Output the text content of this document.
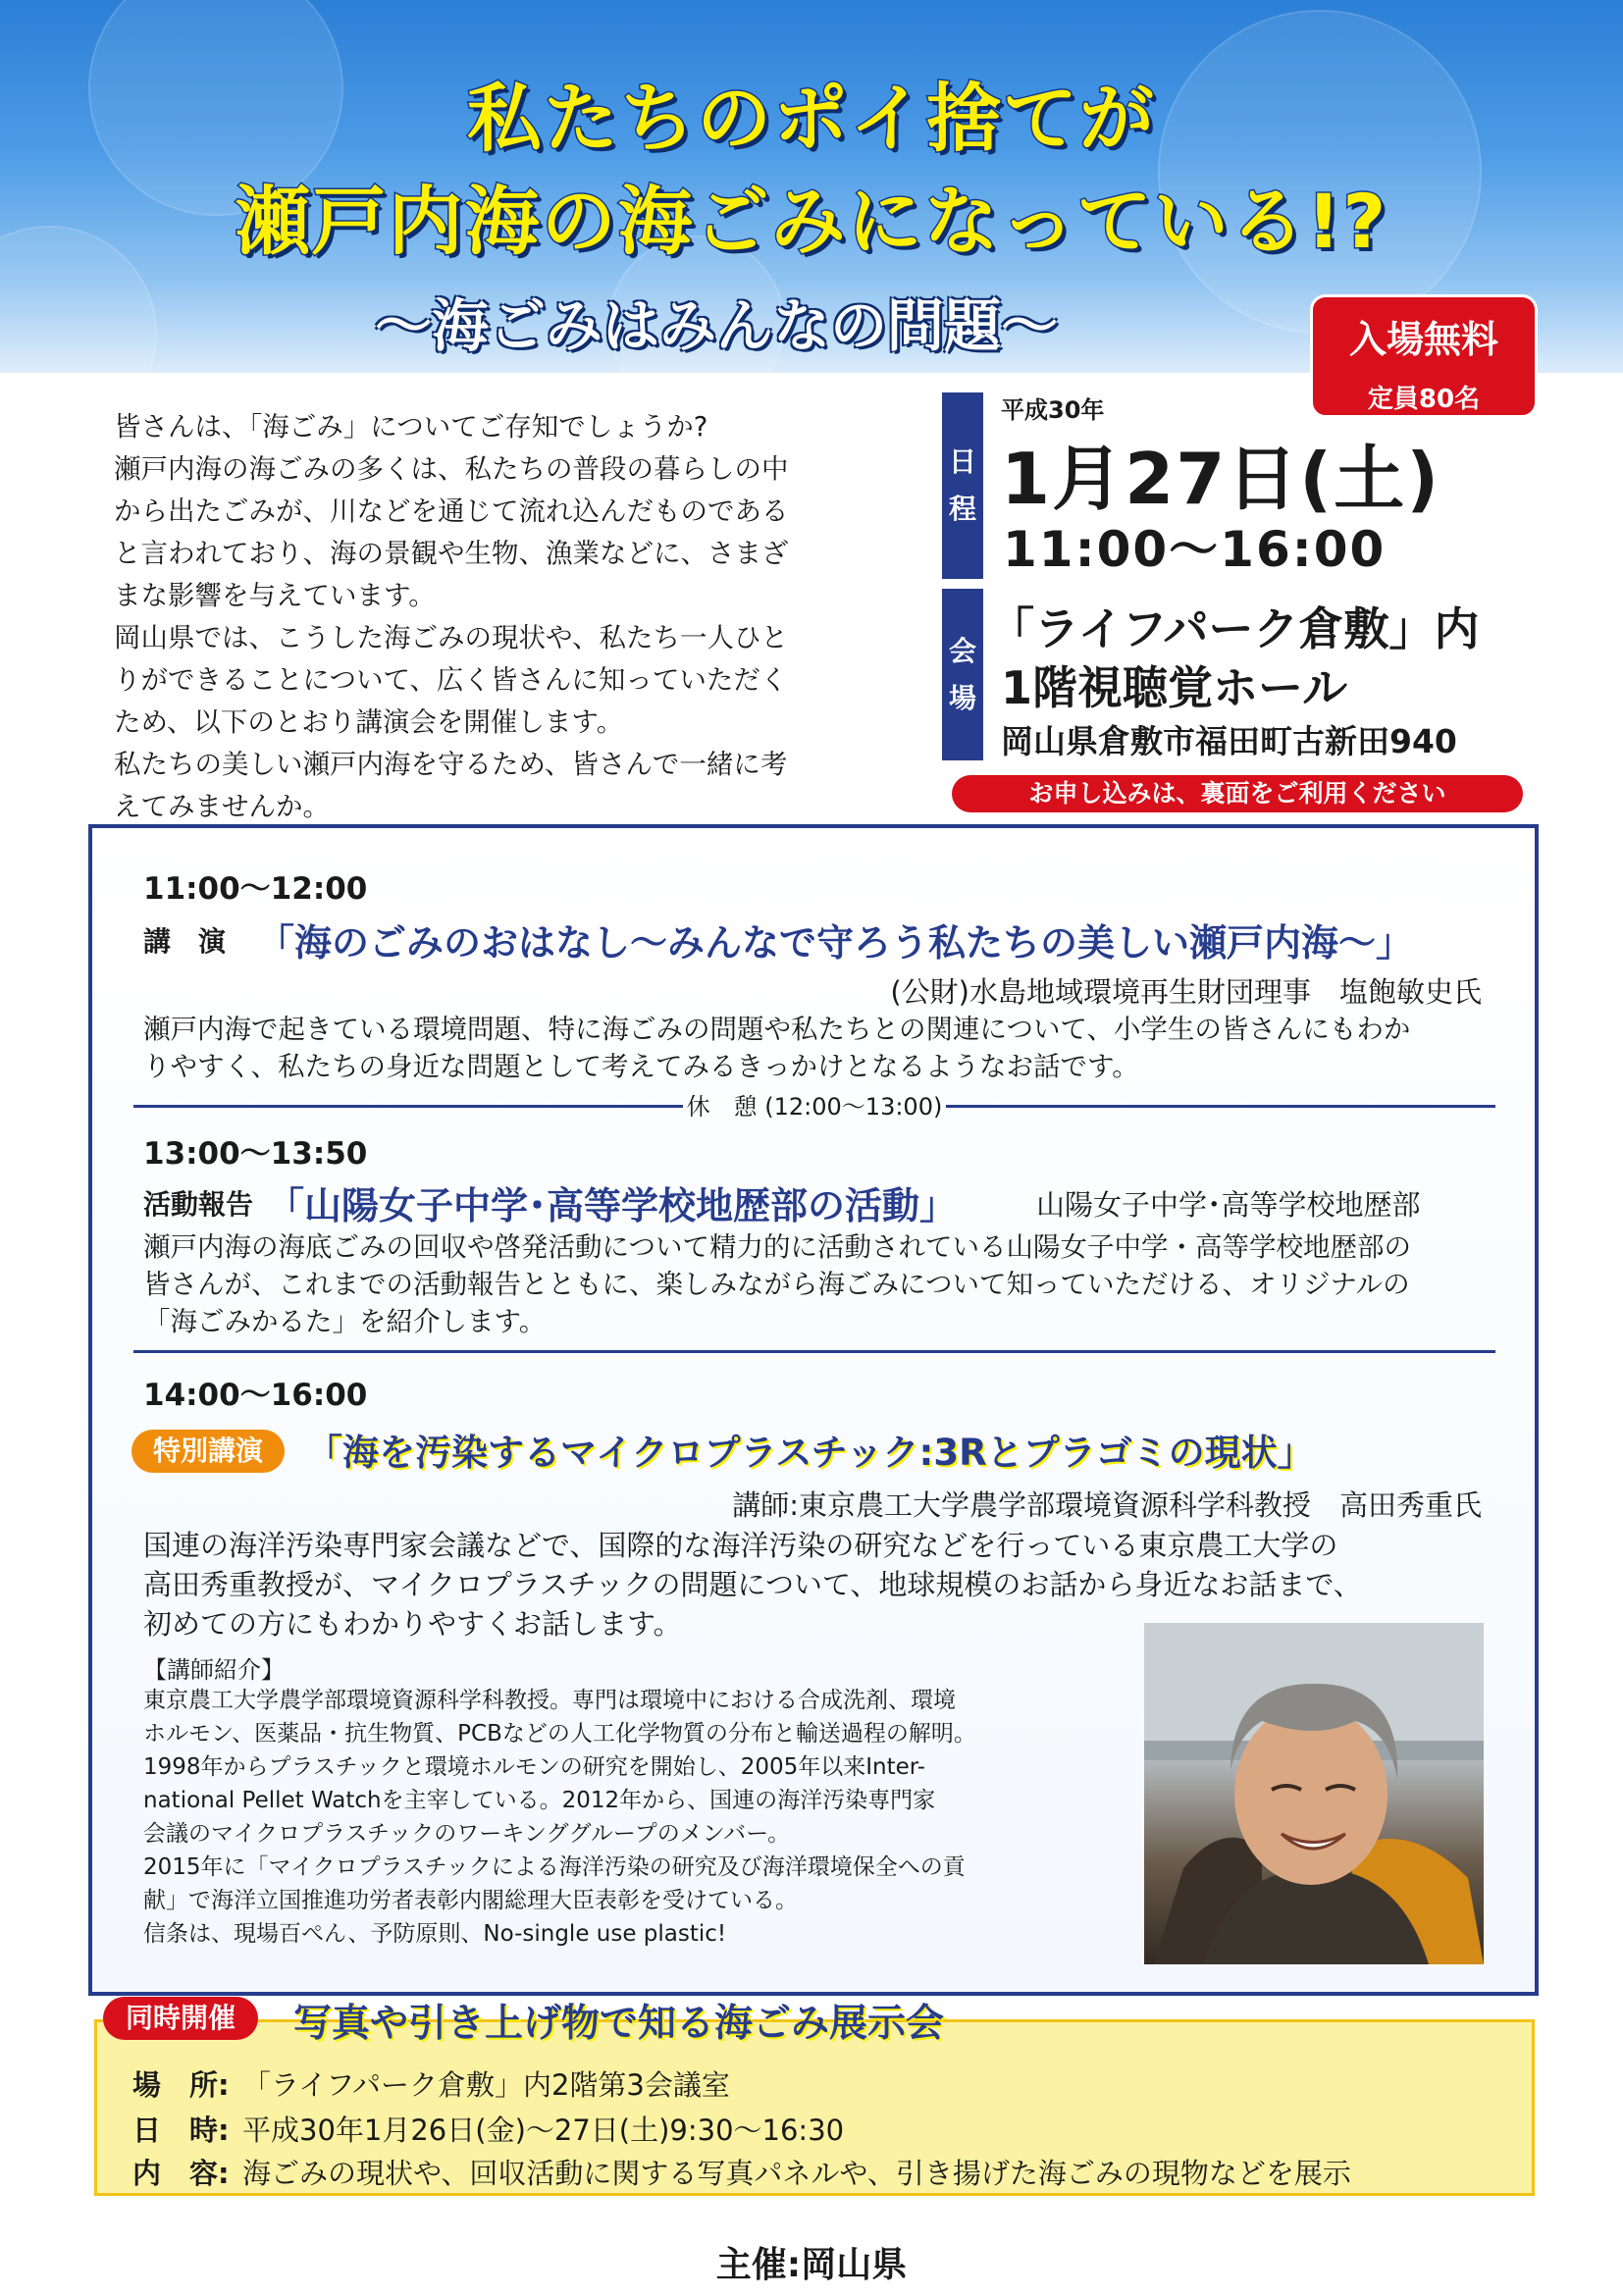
私たちのポイ捨てが
瀬戸内海の海ごみになっている!?
〜海ごみはみんなの問題〜	入場無料
定員80名

皆さんは、「海ごみ」についてご存知でしょうか?

瀬戸内海の海ごみの多くは、私たちの普段の暮らしの中

から出たごみが、川などを通じて流れ込んだものである

と言われており、海の景観や生物、漁業などに、さまざ

まな影響を与えています。

岡山県では、こうした海ごみの現状や、私たち一人ひと

りができることについて、広く皆さんに知っていただく

ため、以下のとおり講演会を開催します。

私たちの美しい瀬戸内海を守るため、皆さんで一緒に考

えてみませんか。

日
程
平成30年
1月27日(土)
11:00〜16:00
会
場
「ライフパーク倉敷」内
1階視聴覚ホール
岡山県倉敷市福田町古新田940
お申し込みは、裏面をご利用ください
11:00〜12:00
講　演 「海のごみのおはなし〜みんなで守ろう私たちの美しい瀬戸内海〜」
(公財)水島地域環境再生財団理事　塩飽敏史氏
瀬戸内海で起きている環境問題、特に海ごみの問題や私たちとの関連について、小学生の皆さんにもわか
りやすく、私たちの身近な問題として考えてみるきっかけとなるようなお話です。
休　憩 (12:00〜13:00)
13:00〜13:50
活動報告 「山陽女子中学･高等学校地歴部の活動」	山陽女子中学･高等学校地歴部
瀬戸内海の海底ごみの回収や啓発活動について精力的に活動されている山陽女子中学・高等学校地歴部の
皆さんが、これまでの活動報告とともに、楽しみながら海ごみについて知っていただける、オリジナルの
「海ごみかるた」を紹介します。
14:00〜16:00
特別講演	「海を汚染するマイクロプラスチック:3Rとプラゴミの現状」
講師:東京農工大学農学部環境資源科学科教授　高田秀重氏
国連の海洋汚染専門家会議などで、国際的な海洋汚染の研究などを行っている東京農工大学の
高田秀重教授が、マイクロプラスチックの問題について、地球規模のお話から身近なお話まで、
初めての方にもわかりやすくお話します。
【講師紹介】

東京農工大学農学部環境資源科学科教授。専門は環境中における合成洗剤、環境

ホルモン、医薬品・抗生物質、PCBなどの人工化学物質の分布と輸送過程の解明。

1998年からプラスチックと環境ホルモンの研究を開始し、2005年以来Inter-

national Pellet Watchを主宰している。2012年から、国連の海洋汚染専門家

会議のマイクロプラスチックのワーキンググループのメンバー。

2015年に「マイクロプラスチックによる海洋汚染の研究及び海洋環境保全への貢

献」で海洋立国推進功労者表彰内閣総理大臣表彰を受けている。

信条は、現場百ぺん、予防原則、No-single use plastic!

同時開催	写真や引き上げ物で知る海ごみ展示会
場　所: 「ライフパーク倉敷」内2階第3会議室
日　時: 平成30年1月26日(金)〜27日(土)9:30〜16:30
内　容: 海ごみの現状や、回収活動に関する写真パネルや、引き揚げた海ごみの現物などを展示
主催:岡山県
